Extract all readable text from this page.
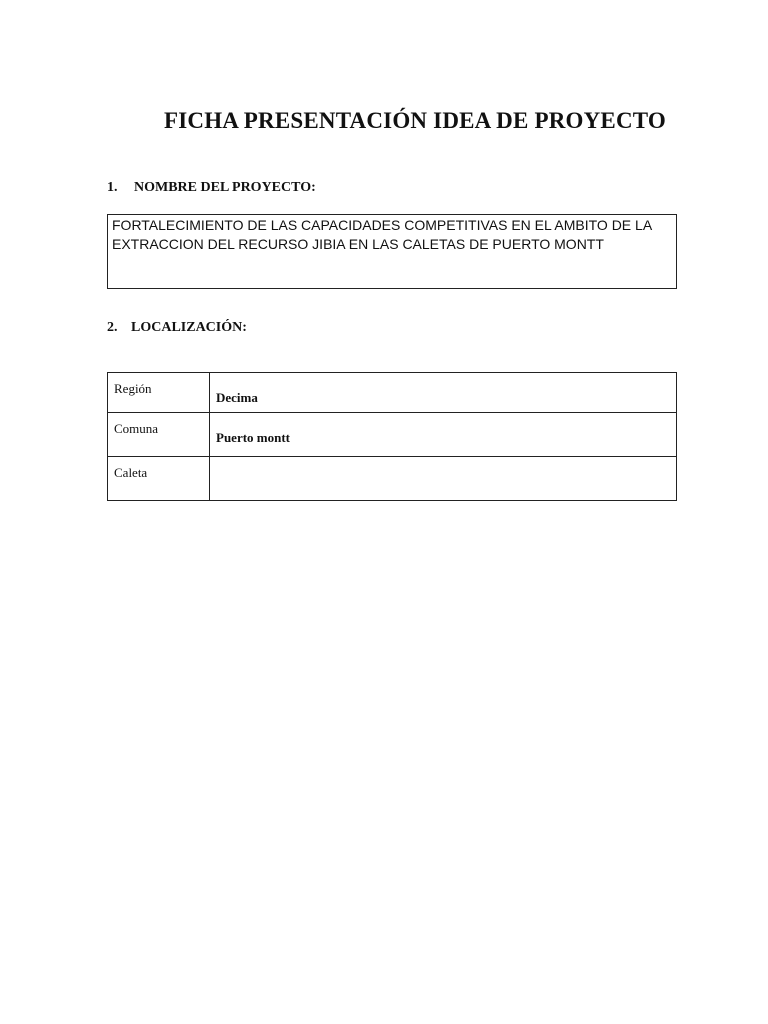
FICHA PRESENTACIÓN IDEA DE PROYECTO
1. NOMBRE DEL PROYECTO:
FORTALECIMIENTO DE LAS CAPACIDADES COMPETITIVAS EN EL AMBITO DE LA EXTRACCION DEL RECURSO JIBIA EN LAS CALETAS DE PUERTO MONTT
2. LOCALIZACIÓN:
Región	Decima
Comuna	Puerto montt
Caleta	
